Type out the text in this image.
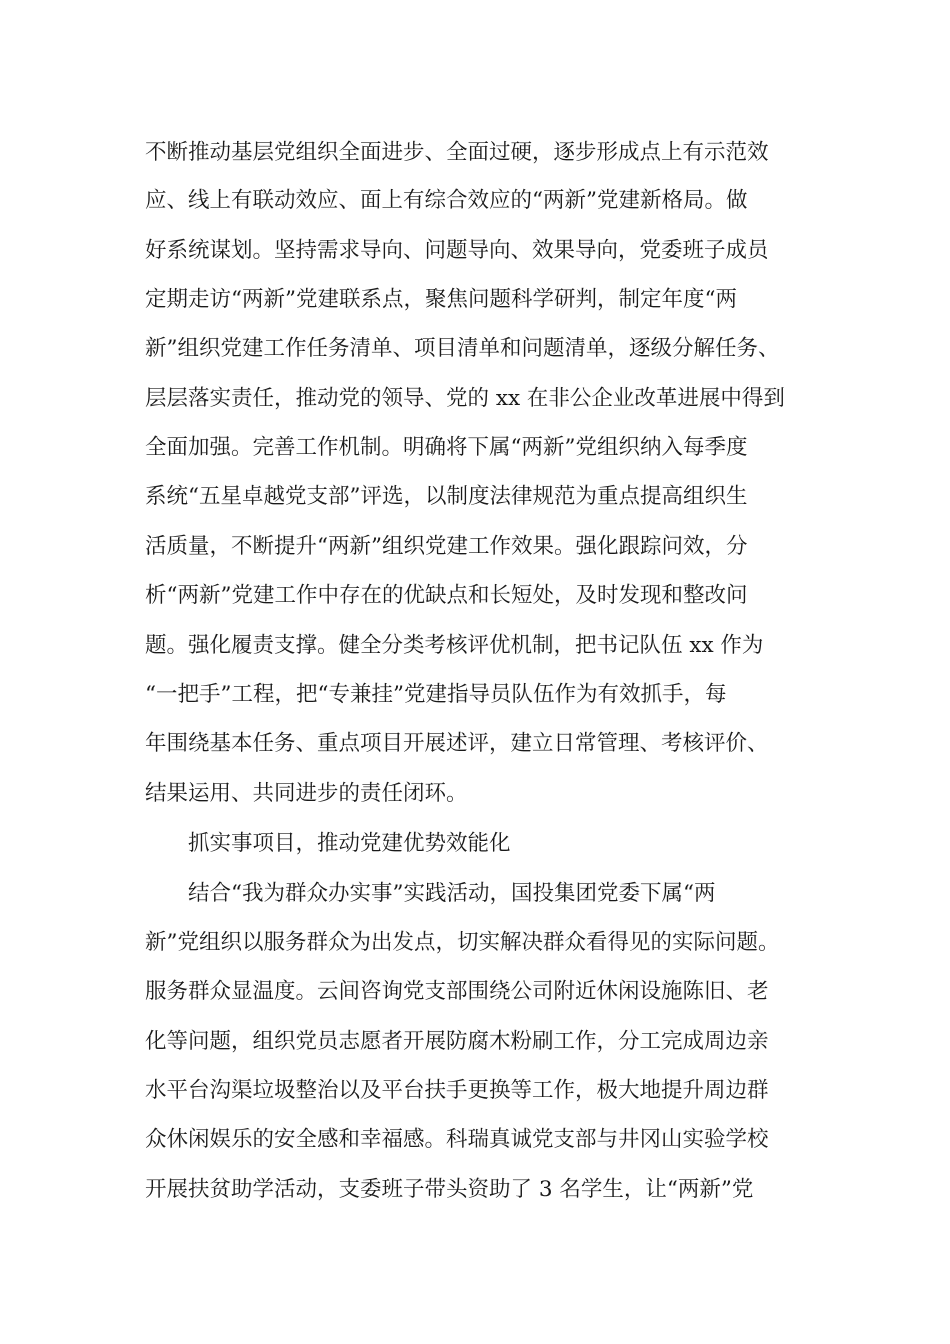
不断推动基层党组织全面进步、全面过硬，逐步形成点上有示范效
应、线上有联动效应、面上有综合效应的“两新”党建新格局。做
好系统谋划。坚持需求导向、问题导向、效果导向，党委班子成员
定期走访“两新”党建联系点，聚焦问题科学研判，制定年度“两
新”组织党建工作任务清单、项目清单和问题清单，逐级分解任务、
层层落实责任，推动党的领导、党的 xx 在非公企业改革进展中得到
全面加强。完善工作机制。明确将下属“两新”党组织纳入每季度
系统“五星卓越党支部”评选，以制度法律规范为重点提高组织生
活质量，不断提升“两新”组织党建工作效果。强化跟踪问效，分
析“两新”党建工作中存在的优缺点和长短处，及时发现和整改问
题。强化履责支撑。健全分类考核评优机制，把书记队伍 xx 作为
“一把手”工程，把“专兼挂”党建指导员队伍作为有效抓手，每
年围绕基本任务、重点项目开展述评，建立日常管理、考核评价、
结果运用、共同进步的责任闭环。
抓实事项目，推动党建优势效能化
结合“我为群众办实事”实践活动，国投集团党委下属“两
新”党组织以服务群众为出发点，切实解决群众看得见的实际问题。
服务群众显温度。云间咨询党支部围绕公司附近休闲设施陈旧、老
化等问题，组织党员志愿者开展防腐木粉刷工作，分工完成周边亲
水平台沟渠垃圾整治以及平台扶手更换等工作，极大地提升周边群
众休闲娱乐的安全感和幸福感。科瑞真诚党支部与井冈山实验学校
开展扶贫助学活动，支委班子带头资助了 3 名学生，让“两新”党
